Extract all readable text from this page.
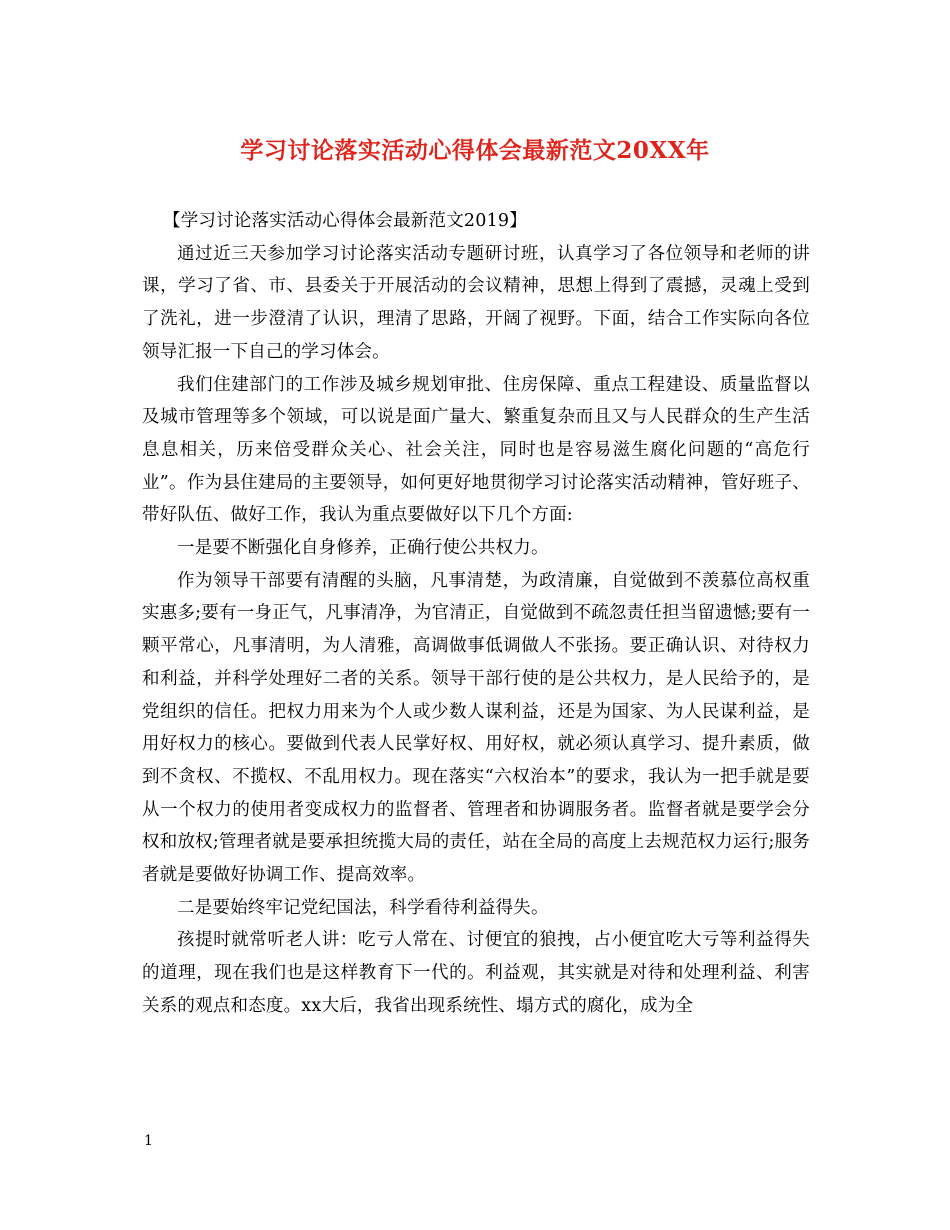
学习讨论落实活动心得体会最新范文20XX年

【学习讨论落实活动心得体会最新范文2019】

通过近三天参加学习讨论落实活动专题研讨班，认真学习了各位领导和老师的讲课，学习了省、市、县委关于开展活动的会议精神，思想上得到了震撼，灵魂上受到了洗礼，进一步澄清了认识，理清了思路，开阔了视野。下面，结合工作实际向各位领导汇报一下自己的学习体会。

我们住建部门的工作涉及城乡规划审批、住房保障、重点工程建设、质量监督以及城市管理等多个领域，可以说是面广量大、繁重复杂而且又与人民群众的生产生活息息相关，历来倍受群众关心、社会关注，同时也是容易滋生腐化问题的“高危行业”。作为县住建局的主要领导，如何更好地贯彻学习讨论落实活动精神，管好班子、带好队伍、做好工作，我认为重点要做好以下几个方面:

一是要不断强化自身修养，正确行使公共权力。

作为领导干部要有清醒的头脑，凡事清楚，为政清廉，自觉做到不羡慕位高权重实惠多;要有一身正气，凡事清净，为官清正，自觉做到不疏忽责任担当留遗憾;要有一颗平常心，凡事清明，为人清雅，高调做事低调做人不张扬。要正确认识、对待权力和利益，并科学处理好二者的关系。领导干部行使的是公共权力，是人民给予的，是党组织的信任。把权力用来为个人或少数人谋利益，还是为国家、为人民谋利益，是用好权力的核心。要做到代表人民掌好权、用好权，就必须认真学习、提升素质，做到不贪权、不揽权、不乱用权力。现在落实“六权治本”的要求，我认为一把手就是要从一个权力的使用者变成权力的监督者、管理者和协调服务者。监督者就是要学会分权和放权;管理者就是要承担统揽大局的责任，站在全局的高度上去规范权力运行;服务者就是要做好协调工作、提高效率。

二是要始终牢记党纪国法，科学看待利益得失。

孩提时就常听老人讲：吃亏人常在、讨便宜的狼拽，占小便宜吃大亏等利益得失的道理，现在我们也是这样教育下一代的。利益观，其实就是对待和处理利益、利害关系的观点和态度。xx大后，我省出现系统性、塌方式的腐化，成为全

1
